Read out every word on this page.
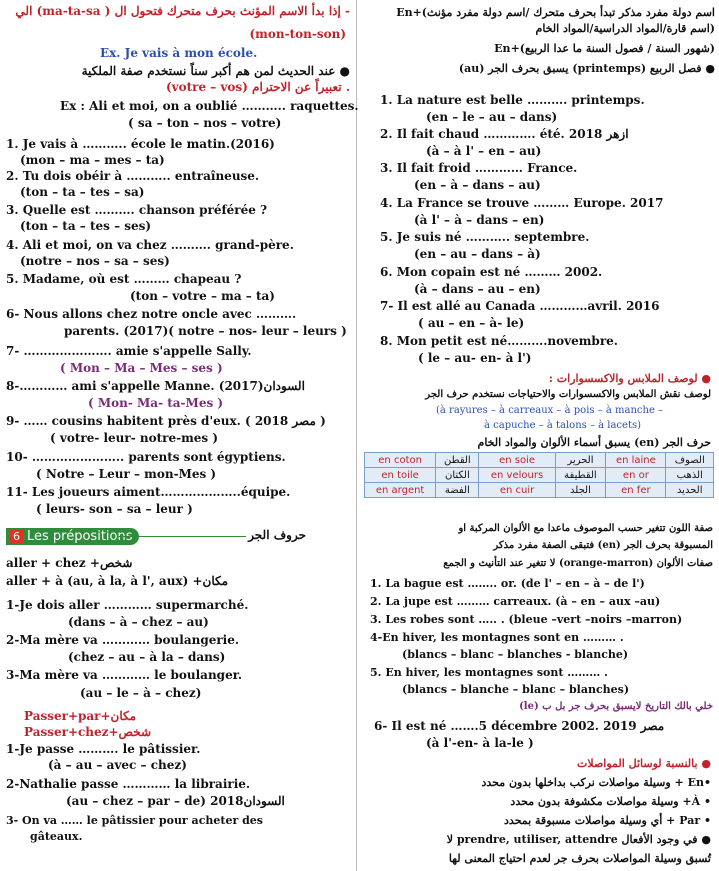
- إذا بدأ الاسم المؤنث بحرف متحرك فتحول ال ( ma-ta-sa) الي
(mon-ton-son)
Ex. Je vais à mon école.
● عند الحديث لمن هم أكبر سناً نستخدم صفة الملكية
. تعبيراً عن الاحترام (votre – vos)
Ex : Ali et moi, on a oublié ……….. raquettes.
( sa – ton – nos – votre)
1. Je vais à ……….. école le matin.(2016)
(mon – ma – mes – ta)
2. Tu dois obéir à ……….. entraîneuse.
(ton – ta – tes – sa)
3. Quelle est ………. chanson préférée ?
(ton – ta – tes – ses)
4. Ali et moi, on va chez ………. grand-père.
(notre – nos – sa – ses)
5. Madame, où est ……… chapeau ?
(ton – votre – ma – ta)
6- Nous allons chez notre oncle avec ……….
parents. (2017)( notre – nos- leur – leurs )
7- …………………. amie s'appelle Sally.
( Mon – Ma – Mes – ses )
8-………… ami s'appelle Manne. (2017)السودان
( Mon- Ma- ta-Mes )
9- …… cousins habitent près d'eux. ( 2018 مصر )
( votre- leur- notre-mes )
10- ………………….. parents sont égyptiens.
( Notre – Leur – mon-Mes )
11- Les joueurs aiment………………..équipe.
( leurs- son – sa – leur )
6 Les prépositions	حروف الجر
aller + chez +شخص
aller + à (au, à la, à l', aux) +مكان
1-Je dois aller ………… supermarché.
(dans – à – chez – au)
2-Ma mère va ………… boulangerie.
(chez – au – à la – dans)
3-Ma mère va ………… le boulanger.
(au – le – à – chez)
Passer+par+مكان
Passer+chez+شخص
1-Je passe ………. le pâtissier.
(à – au – avec – chez)
2-Nathalie passe ………… la librairie.
(au – chez – par – de) السودان2018
3- On va …… le pâtissier pour acheter des
gâteaux.
اسم دولة مفرد مذكر تبدأ بحرف متحرك /اسم دولة مفرد مؤنث)+En
(اسم قارة/المواد الدراسية/المواد الخام
(شهور السنة / فصول السنة ما عدا الربيع)+En
● فصل الربيع (printemps) يسبق بحرف الجر (au)
1. La nature est belle ………. printemps.
(en – le – au – dans)
2. Il fait chaud …………. été. 2018 ازهر
(à – à l' – en – au)
3. Il fait froid ………… France.
(en – à – dans – au)
4. La France se trouve ……… Europe. 2017
(à l' – à – dans – en)
5. Je suis né ……….. septembre.
(en – au – dans – à)
6. Mon copain est né ……… 2002.
(à – dans – au – en)
7- Il est allé au Canada …………avril. 2016
( au – en – à- le)
8. Mon petit est né……….novembre.
( le – au- en- à l')
● لوصف الملابس والاكسسوارات :
لوصف نقش الملابس والاكسسوارات والاحتياجات نستخدم حرف الجر
(à rayures – à carreaux – à pois – à manche –
à capuche – à talons – à lacets)
حرف الجر (en) يسبق أسماء الألوان والمواد الخام
en coton	القطن	en soie	الحرير	en laine	الصوف
en toile	الكتان	en velours	القطيفة	en or	الذهب
en argent	الفضة	en cuir	الجلد	en fer	الحديد
صفة اللون تتغير حسب الموصوف ماعدا مع الألوان المركبة او
المسبوقة بحرف الجر (en) فتبقى الصفة مفرد مذكر
صفات الألوان (orange-marron) لا تتغير عند التأنيث و الجمع
1. La bague est …….. or. (de l' – en – à – de l')
2. La jupe est ……… carreaux. (à – en – aux –au)
3. Les robes sont ….. . (bleue –vert –noirs –marron)
4-En hiver, les montagnes sont en ……… .
(blancs – blanc – blanches - blanche)
5. En hiver, les montagnes sont ……… .
(blancs – blanche – blanc – blanches)
خلي بالك التاريخ لايسبق بحرف جر بل ب (le)
6- Il est né …….5 décembre 2002. 2019 مصر
(à l'-en- à la-le )
● بالنسبة لوسائل المواصلات
•En + وسيلة مواصلات نركب بداخلها بدون محدد
• À+ وسيلة مواصلات مكشوفة بدون محدد
• Par + أي وسيلة مواصلات مسبوقة بمحدد
● في وجود الأفعال prendre, utiliser, attendre لا
تُسبق وسيلة المواصلات بحرف جر لعدم احتياج المعنى لها
